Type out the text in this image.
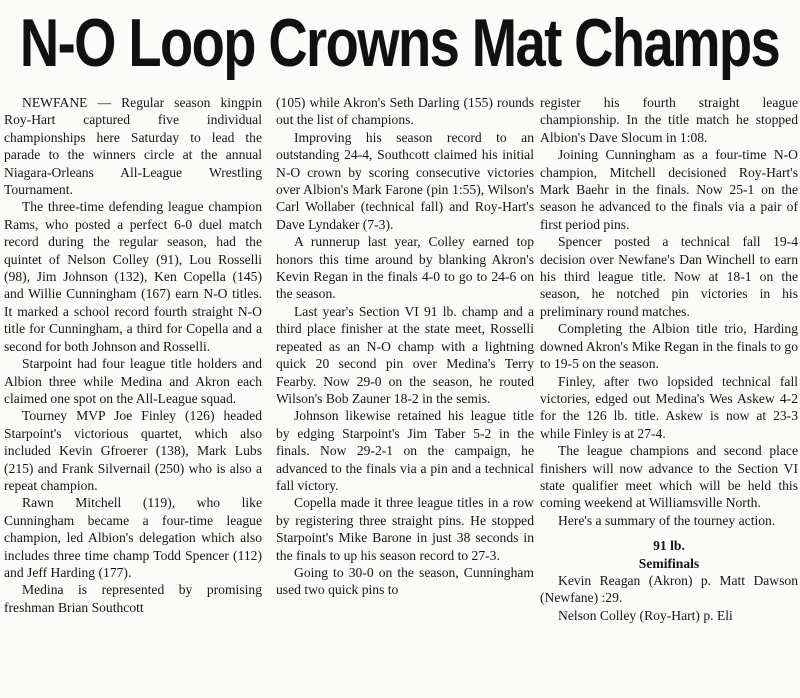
N-O Loop Crowns Mat Champs

NEWFANE — Regular season kingpin Roy-Hart captured five individual championships here Saturday to lead the parade to the winners circle at the annual Niagara-Orleans All-League Wrestling Tournament.

The three-time defending league champion Rams, who posted a perfect 6-0 duel match record during the regular season, had the quintet of Nelson Colley (91), Lou Rosselli (98), Jim Johnson (132), Ken Copella (145) and Willie Cunningham (167) earn N-O titles. It marked a school record fourth straight N-O title for Cunningham, a third for Copella and a second for both Johnson and Rosselli.

Starpoint had four league title holders and Albion three while Medina and Akron each claimed one spot on the All-League squad.

Tourney MVP Joe Finley (126) headed Starpoint's victorious quartet, which also included Kevin Gfroerer (138), Mark Lubs (215) and Frank Silvernail (250) who is also a repeat champion.

Rawn Mitchell (119), who like Cunningham became a four-time league champion, led Albion's delegation which also includes three time champ Todd Spencer (112) and Jeff Harding (177).

Medina is represented by promising freshman Brian Southcott

(105) while Akron's Seth Darling (155) rounds out the list of champions.

Improving his season record to an outstanding 24-4, Southcott claimed his initial N-O crown by scoring consecutive victories over Albion's Mark Farone (pin 1:55), Wilson's Carl Wollaber (technical fall) and Roy-Hart's Dave Lyndaker (7-3).

A runnerup last year, Colley earned top honors this time around by blanking Akron's Kevin Regan in the finals 4-0 to go to 24-6 on the season.

Last year's Section VI 91 lb. champ and a third place finisher at the state meet, Rosselli repeated as an N-O champ with a lightning quick 20 second pin over Medina's Terry Fearby. Now 29-0 on the season, he routed Wilson's Bob Zauner 18-2 in the semis.

Johnson likewise retained his league title by edging Starpoint's Jim Taber 5-2 in the finals. Now 29-2-1 on the campaign, he advanced to the finals via a pin and a technical fall victory.

Copella made it three league titles in a row by registering three straight pins. He stopped Starpoint's Mike Barone in just 38 seconds in the finals to up his season record to 27-3.

Going to 30-0 on the season, Cunningham used two quick pins to

register his fourth straight league championship. In the title match he stopped Albion's Dave Slocum in 1:08.

Joining Cunningham as a four-time N-O champion, Mitchell decisioned Roy-Hart's Mark Baehr in the finals. Now 25-1 on the season he advanced to the finals via a pair of first period pins.

Spencer posted a technical fall 19-4 decision over Newfane's Dan Winchell to earn his third league title. Now at 18-1 on the season, he notched pin victories in his preliminary round matches.

Completing the Albion title trio, Harding downed Akron's Mike Regan in the finals to go to 19-5 on the season.

Finley, after two lopsided technical fall victories, edged out Medina's Wes Askew 4-2 for the 126 lb. title. Askew is now at 23-3 while Finley is at 27-4.

The league champions and second place finishers will now advance to the Section VI state qualifier meet which will be held this coming weekend at Williamsville North.

Here's a summary of the tourney action.

91 lb.

Semifinals

Kevin Reagan (Akron) p. Matt Dawson (Newfane) :29.

Nelson Colley (Roy-Hart) p. Eli
